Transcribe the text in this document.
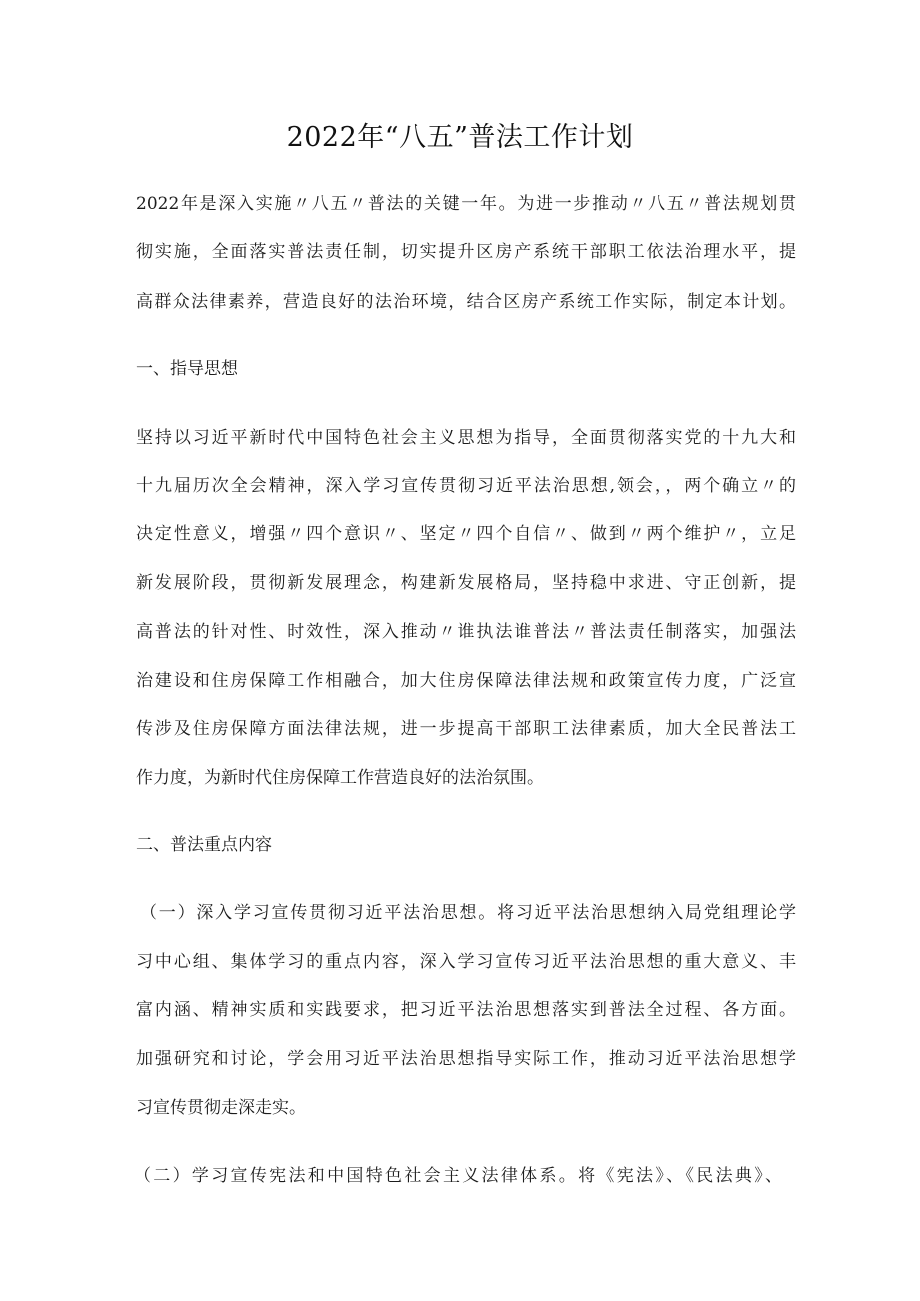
2022年“八五”普法工作计划
2022年是深入实施〃八五〃普法的关键一年。为进一步推动〃八五〃普法规划贯
彻实施，全面落实普法责任制，切实提升区房产系统干部职工依法治理水平，提
高群众法律素养，营造良好的法治环境，结合区房产系统工作实际，制定本计划。
一、指导思想
坚持以习近平新时代中国特色社会主义思想为指导，全面贯彻落实党的十九大和
十九届历次全会精神，深入学习宣传贯彻习近平法治思想,领会，，两个确立〃的
决定性意义，增强〃四个意识〃、坚定〃四个自信〃、做到〃两个维护〃，立足
新发展阶段，贯彻新发展理念，构建新发展格局，坚持稳中求进、守正创新，提
高普法的针对性、时效性，深入推动〃谁执法谁普法〃普法责任制落实，加强法
治建设和住房保障工作相融合，加大住房保障法律法规和政策宣传力度，广泛宣
传涉及住房保障方面法律法规，进一步提高干部职工法律素质，加大全民普法工
作力度，为新时代住房保障工作营造良好的法治氛围。
二、普法重点内容
（一）深入学习宣传贯彻习近平法治思想。将习近平法治思想纳入局党组理论学
习中心组、集体学习的重点内容，深入学习宣传习近平法治思想的重大意义、丰
富内涵、精神实质和实践要求，把习近平法治思想落实到普法全过程、各方面。
加强研究和讨论，学会用习近平法治思想指导实际工作，推动习近平法治思想学
习宣传贯彻走深走实。
（二）学习宣传宪法和中国特色社会主义法律体系。将《宪法》、《民法典》、
